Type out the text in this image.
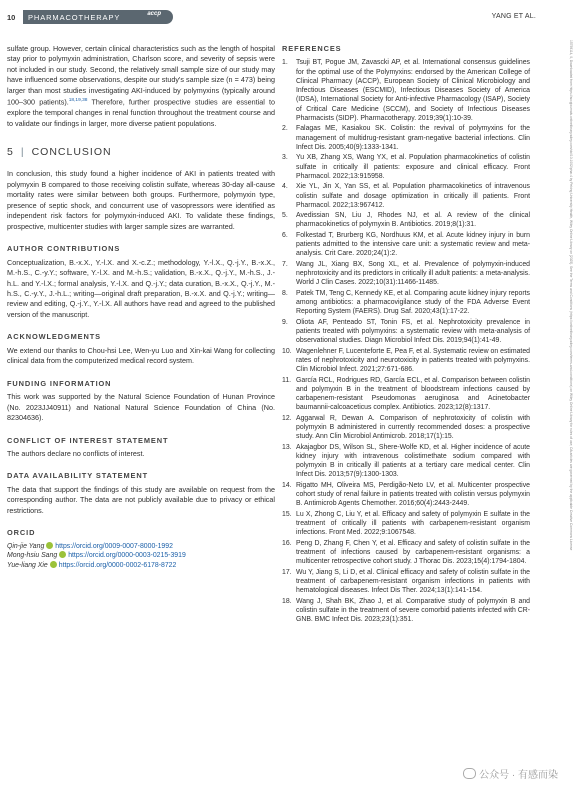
10 PHARMACOTHERAPY	accp	YANG ET AL.

sulfate group. However, certain clinical characteristics such as the length of hospital stay prior to polymyxin administration, Charlson score, and severity of sepsis were not included in our study. Second, the relatively small sample size of our study may have influenced some observations, despite our study's sample size (n = 473) being larger than most studies investigating AKI-induced by polymyxins (typically around 100–300 patients).$^{18,19,38}$ Therefore, further prospective studies are essential to explore the temporal changes in renal function throughout the treatment course and to validate our findings in larger, more diverse patient populations.

5 | CONCLUSION

In conclusion, this study found a higher incidence of AKI in patients treated with polymyxin B compared to those receiving colistin sulfate, whereas 30-day all-cause mortality rates were similar between both groups. Furthermore, polymyxin type, presence of septic shock, and concurrent use of vasopressors were identified as independent risk factors for polymyxin-induced AKI. To validate these findings, prospective, multicenter studies with larger sample sizes are warranted.

AUTHOR CONTRIBUTIONS

Conceptualization, B.-x.X., Y.-l.X. and X.-c.Z.; methodology, Y.-l.X., Q.-j.Y., B.-x.X., M.-h.S., C.-y.Y.; software, Y.-l.X. and M.-h.S.; validation, B.-x.X., Q.-j.Y., M.-h.S., J.-h.L. and Y.-l.X.; formal analysis, Y.-l.X. and Q.-j.Y.; data curation, B.-x.X., Q.-j.Y., M.-h.S., C.-y.Y., J.-h.L.; writing—original draft preparation, B.-x.X. and Q.-j.Y.; writing—review and editing, Q.-j.Y., Y.-l.X. All authors have read and agreed to the published version of the manuscript.

ACKNOWLEDGMENTS

We extend our thanks to Chou-hsi Lee, Wen-yu Luo and Xin-kai Wang for collecting clinical data from the computerized medical record system.

FUNDING INFORMATION

This work was supported by the Natural Science Foundation of Hunan Province (No. 2023JJ40911) and National Natural Science Foundation of China (No. 82304636).

CONFLICT OF INTEREST STATEMENT

The authors declare no conflicts of interest.

DATA AVAILABILITY STATEMENT

The data that support the findings of this study are available on request from the corresponding author. The data are not publicly available due to privacy or ethical restrictions.

ORCID
Qin-jie Yang https://orcid.org/0009-0007-8000-1992
Mong-hsiu Sang https://orcid.org/0000-0003-0215-3919
Yue-liang Xie https://orcid.org/0000-0002-6178-8722
REFERENCES
1. Tsuji BT, Pogue JM, Zavascki AP, et al. International consensus guidelines for the optimal use of the Polymyxins: endorsed by the American College of Clinical Pharmacy (ACCP), European Society of Clinical Microbiology and Infectious Diseases (ESCMID), Infectious Diseases Society of America (IDSA), International Society for Anti-infective Pharmacology (ISAP), Society of Critical Care Medicine (SCCM), and Society of Infectious Diseases Pharmacists (SIDP). Pharmacotherapy. 2019;39(1):10-39.
2. Falagas ME, Kasiakou SK. Colistin: the revival of polymyxins for the management of multidrug-resistant gram-negative bacterial infections. Clin Infect Dis. 2005;40(9):1333-1341.
3. Yu XB, Zhang XS, Wang YX, et al. Population pharmacokinetics of colistin sulfate in critically ill patients: exposure and clinical efficacy. Front Pharmacol. 2022;13:915958.
4. Xie YL, Jin X, Yan SS, et al. Population pharmacokinetics of intravenous colistin sulfate and dosage optimization in critically ill patients. Front Pharmacol. 2022;13:967412.
5. Avedissian SN, Liu J, Rhodes NJ, et al. A review of the clinical pharmacokinetics of polymyxin B. Antibiotics. 2019;8(1):31.
6. Folkestad T, Brurberg KG, Nordhuus KM, et al. Acute kidney injury in burn patients admitted to the intensive care unit: a systematic review and meta-analysis. Crit Care. 2020;24(1):2.
7. Wang JL, Xiang BX, Song XL, et al. Prevalence of polymyxin-induced nephrotoxicity and its predictors in critically ill adult patients: a meta-analysis. World J Clin Cases. 2022;10(31):11466-11485.
8. Patek TM, Teng C, Kennedy KE, et al. Comparing acute kidney injury reports among antibiotics: a pharmacovigilance study of the FDA Adverse Event Reporting System (FAERS). Drug Saf. 2020;43(1):17-22.
9. Oliota AF, Penteado ST, Tonin FS, et al. Nephrotoxicity prevalence in patients treated with polymyxins: a systematic review with meta-analysis of observational studies. Diagn Microbiol Infect Dis. 2019;94(1):41-49.
10. Wagenlehner F, Lucenteforte E, Pea F, et al. Systematic review on estimated rates of nephrotoxicity and neurotoxicity in patients treated with polymyxins. Clin Microbiol Infect. 2021;27:671-686.
11. García RCL, Rodrigues RD, García ECL, et al. Comparison between colistin and polymyxin B in the treatment of bloodstream infections caused by carbapenem-resistant Pseudomonas aeruginosa and Acinetobacter baumannii-calcoaceticus complex. Antibiotics. 2023;12(8):1317.
12. Aggarwal R, Dewan A. Comparison of nephrotoxicity of colistin with polymyxin B administered in currently recommended doses: a prospective study. Ann Clin Microbiol Antimicrob. 2018;17(1):15.
13. Akajagbor DS, Wilson SL, Shere-Wolfe KD, et al. Higher incidence of acute kidney injury with intravenous colistimethate sodium compared with polymyxin B in critically ill patients at a tertiary care medical center. Clin Infect Dis. 2013;57(9):1300-1303.
14. Rigatto MH, Oliveira MS, Perdigão-Neto LV, et al. Multicenter prospective cohort study of renal failure in patients treated with colistin versus polymyxin B. Antimicrob Agents Chemother. 2016;60(4):2443-2449.
15. Lu X, Zhong C, Liu Y, et al. Efficacy and safety of polymyxin E sulfate in the treatment of critically ill patients with carbapenem-resistant organism infections. Front Med. 2022;9:1067548.
16. Peng D, Zhang F, Chen Y, et al. Efficacy and safety of colistin sulfate in the treatment of infections caused by carbapenem-resistant organisms: a multicenter retrospective cohort study. J Thorac Dis. 2023;15(4):1794-1804.
17. Wu Y, Jiang S, Li D, et al. Clinical efficacy and safety of colistin sulfate in the treatment of carbapenem-resistant organism infections in patients with hematological diseases. Infect Dis Ther. 2024;13(1):141-154.
18. Wang J, Shah BK, Zhao J, et al. Comparative study of polymyxin B and colistin sulfate in the treatment of severe comorbid patients infected with CR-GNB. BMC Infect Dis. 2023;23(1):351.
15759114, 0, Downloaded from https://accpjournals.onlinelibrary.wiley.com/doi/10.1002/phar.4 by Peking University Health, Wiley Online Library on [2025]. See the Terms and Conditions (https://onlinelibrary.wiley.com/terms-and-conditions) on Wiley Online Library for rules of use; OA articles are governed by the applicable Creative Commons License
公众号 · 有感而染
